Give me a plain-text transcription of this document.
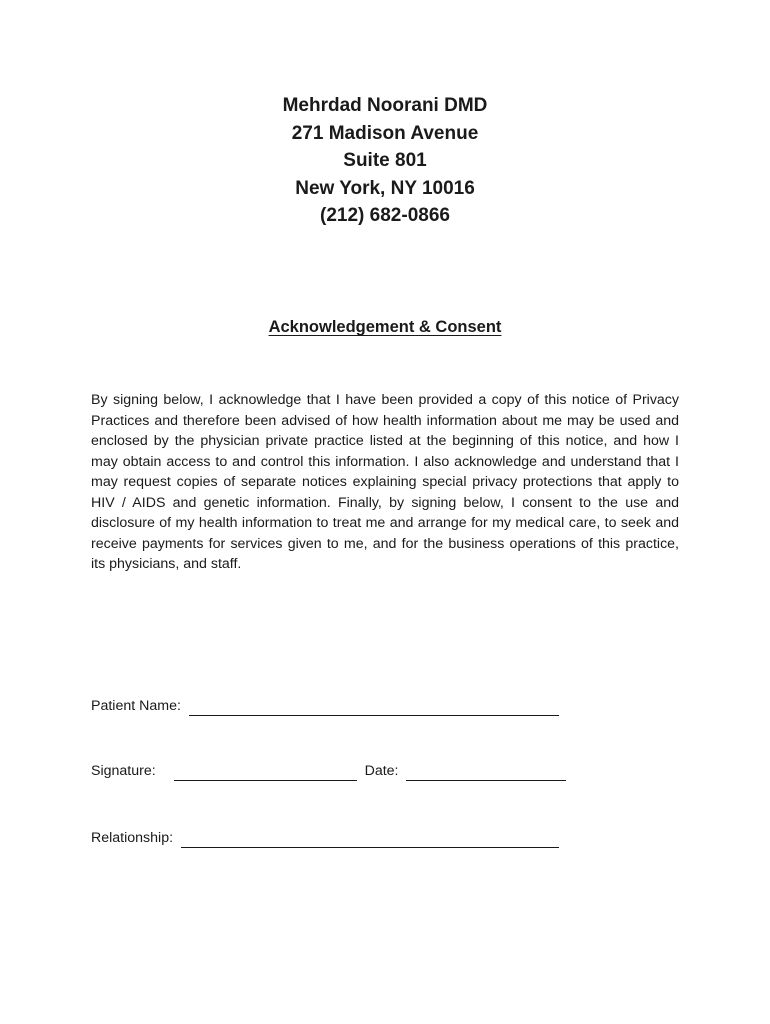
Mehrdad Noorani DMD

271 Madison Avenue

Suite 801

New York, NY 10016

(212) 682-0866

Acknowledgement & Consent

By signing below, I acknowledge that I have been provided a copy of this notice of Privacy Practices and therefore been advised of how health information about me may be used and enclosed by the physician private practice listed at the beginning of this notice, and how I may obtain access to and control this information. I also acknowledge and understand that I may request copies of separate notices explaining special privacy protections that apply to HIV / AIDS and genetic information. Finally, by signing below, I consent to the use and disclosure of my health information to treat me and arrange for my medical care, to seek and receive payments for services given to me, and for the business operations of this practice, its physicians, and staff.

Patient Name:
Signature:	Date:
Relationship:
